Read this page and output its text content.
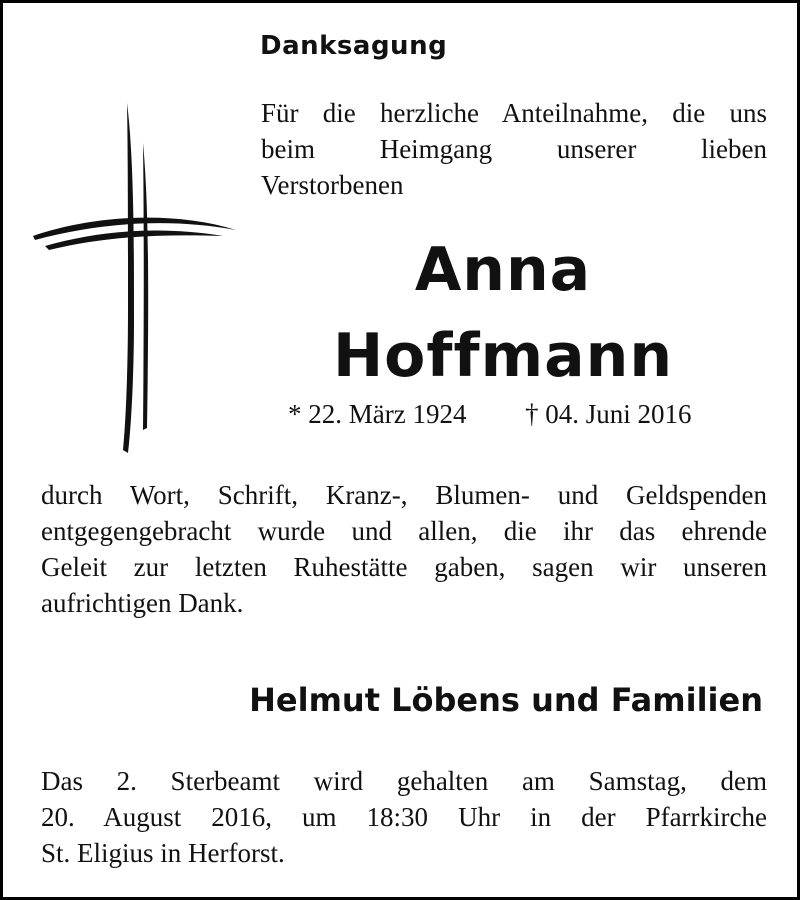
Danksagung
Für die herzliche Anteilnahme, die uns
beim Heimgang unserer lieben
Verstorbenen
Anna
Hoffmann
* 22. März 1924 † 04. Juni 2016
durch Wort, Schrift, Kranz-, Blumen- und Geldspenden
entgegengebracht wurde und allen, die ihr das ehrende
Geleit zur letzten Ruhestätte gaben, sagen wir unseren
aufrichtigen Dank.
Helmut Löbens und Familien
Das 2. Sterbeamt wird gehalten am Samstag, dem
20. August 2016, um 18:30 Uhr in der Pfarrkirche
St. Eligius in Herforst.
